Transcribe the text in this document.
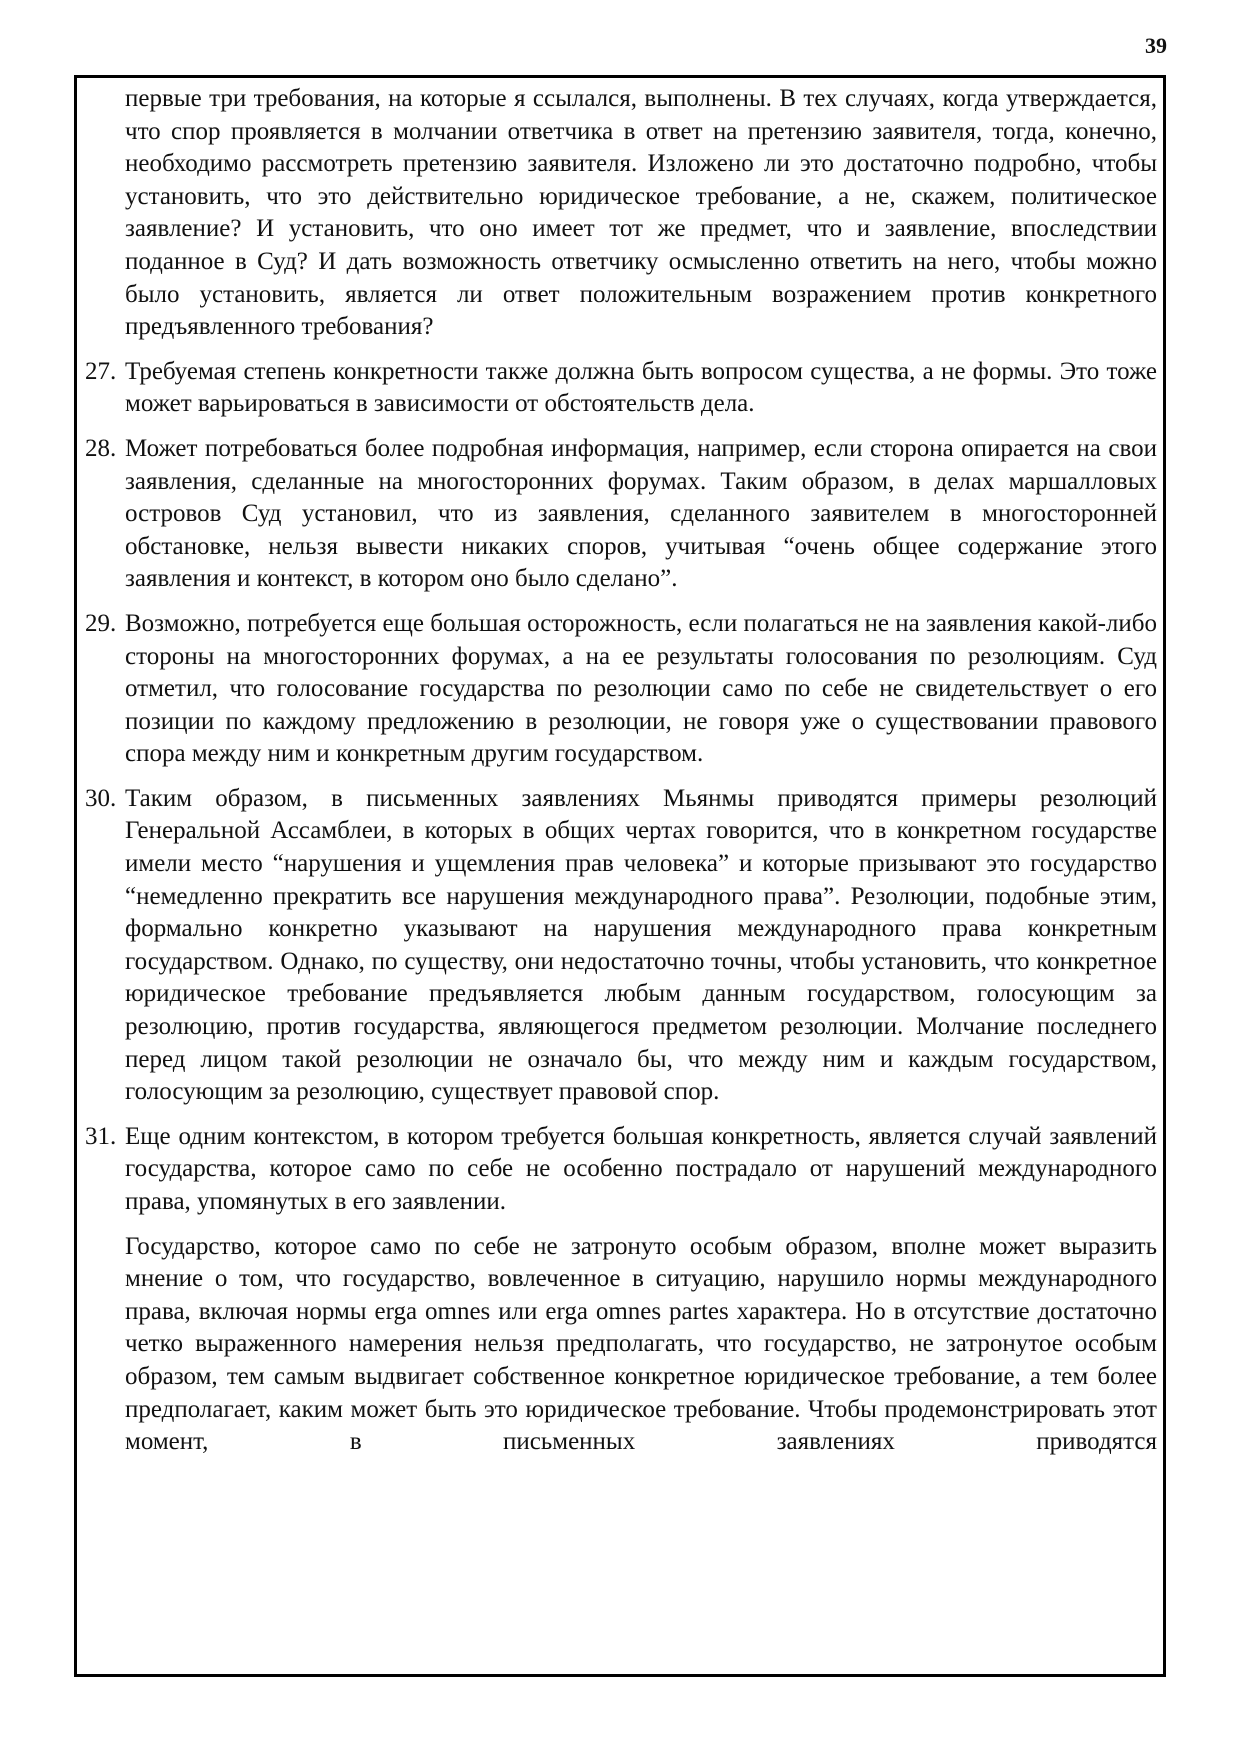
39

первые три требования, на которые я ссылался, выполнены. В тех случаях, когда утверждается, что спор проявляется в молчании ответчика в ответ на претензию заявителя, тогда, конечно, необходимо рассмотреть претензию заявителя. Изложено ли это достаточно подробно, чтобы установить, что это действительно юридическое требование, а не, скажем, политическое заявление? И установить, что оно имеет тот же предмет, что и заявление, впоследствии поданное в Суд? И дать возможность ответчику осмысленно ответить на него, чтобы можно было установить, является ли ответ положительным возражением против конкретного предъявленного требования?

27. Требуемая степень конкретности также должна быть вопросом существа, а не формы. Это тоже может варьироваться в зависимости от обстоятельств дела.

28. Может потребоваться более подробная информация, например, если сторона опирается на свои заявления, сделанные на многосторонних форумах. Таким образом, в делах маршалловых островов Суд установил, что из заявления, сделанного заявителем в многосторонней обстановке, нельзя вывести никаких споров, учитывая “очень общее содержание этого заявления и контекст, в котором оно было сделано”.

29. Возможно, потребуется еще большая осторожность, если полагаться не на заявления какой-либо стороны на многосторонних форумах, а на ее результаты голосования по резолюциям. Суд отметил, что голосование государства по резолюции само по себе не свидетельствует о его позиции по каждому предложению в резолюции, не говоря уже о существовании правового спора между ним и конкретным другим государством.

30. Таким образом, в письменных заявлениях Мьянмы приводятся примеры резолюций Генеральной Ассамблеи, в которых в общих чертах говорится, что в конкретном государстве имели место “нарушения и ущемления прав человека” и которые призывают это государство “немедленно прекратить все нарушения международного права”. Резолюции, подобные этим, формально конкретно указывают на нарушения международного права конкретным государством. Однако, по существу, они недостаточно точны, чтобы установить, что конкретное юридическое требование предъявляется любым данным государством, голосующим за резолюцию, против государства, являющегося предметом резолюции. Молчание последнего перед лицом такой резолюции не означало бы, что между ним и каждым государством, голосующим за резолюцию, существует правовой спор.

31. Еще одним контекстом, в котором требуется большая конкретность, является случай заявлений государства, которое само по себе не особенно пострадало от нарушений международного права, упомянутых в его заявлении.

Государство, которое само по себе не затронуто особым образом, вполне может выразить мнение о том, что государство, вовлеченное в ситуацию, нарушило нормы международного права, включая нормы erga omnes или erga omnes partes характера. Но в отсутствие достаточно четко выраженного намерения нельзя предполагать, что государство, не затронутое особым образом, тем самым выдвигает собственное конкретное юридическое требование, а тем более предполагает, каким может быть это юридическое требование. Чтобы продемонстрировать этот момент, в письменных заявлениях приводятся
